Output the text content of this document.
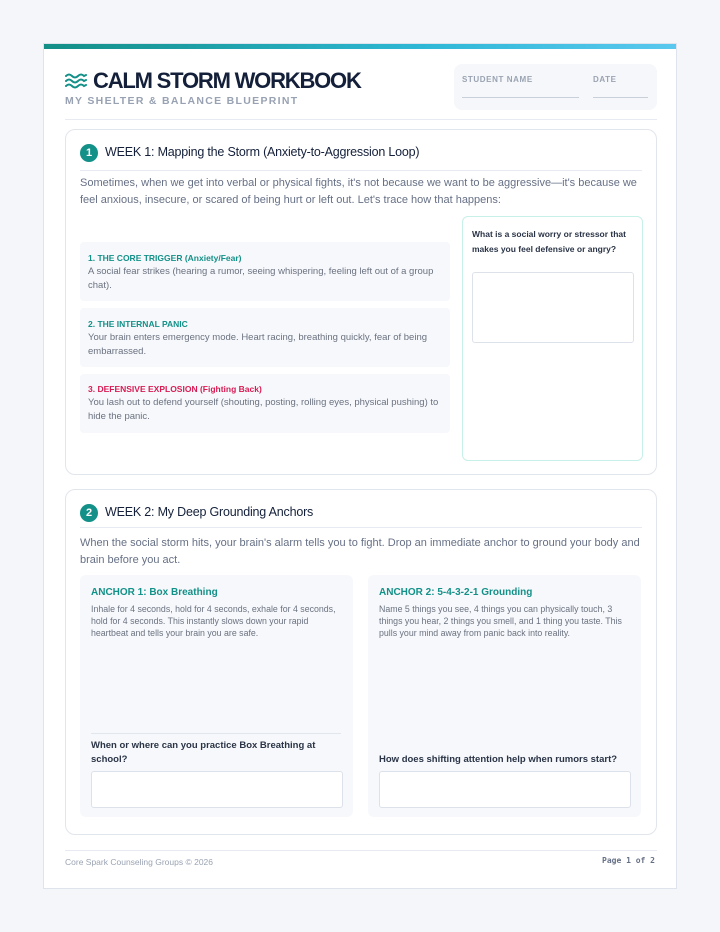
CALM STORM WORKBOOK
MY SHELTER & BALANCE BLUEPRINT
STUDENT NAME	DATE
1	WEEK 1: Mapping the Storm (Anxiety-to-Aggression Loop)
Sometimes, when we get into verbal or physical fights, it's not because we want to be aggressive—it's because we feel anxious, insecure, or scared of being hurt or left out. Let's trace how that happens:
1. THE CORE TRIGGER (Anxiety/Fear)
A social fear strikes (hearing a rumor, seeing whispering, feeling left out of a group chat).
2. THE INTERNAL PANIC
Your brain enters emergency mode. Heart racing, breathing quickly, fear of being embarrassed.
3. DEFENSIVE EXPLOSION (Fighting Back)
You lash out to defend yourself (shouting, posting, rolling eyes, physical pushing) to hide the panic.
What is a social worry or stressor that makes you feel defensive or angry?
2	WEEK 2: My Deep Grounding Anchors
When the social storm hits, your brain's alarm tells you to fight. Drop an immediate anchor to ground your body and brain before you act.
ANCHOR 1: Box Breathing
Inhale for 4 seconds, hold for 4 seconds, exhale for 4 seconds, hold for 4 seconds. This instantly slows down your rapid heartbeat and tells your brain you are safe.
When or where can you practice Box Breathing at school?
ANCHOR 2: 5-4-3-2-1 Grounding
Name 5 things you see, 4 things you can physically touch, 3 things you hear, 2 things you smell, and 1 thing you taste. This pulls your mind away from panic back into reality.
How does shifting attention help when rumors start?
Core Spark Counseling Groups © 2026	Page 1 of 2
